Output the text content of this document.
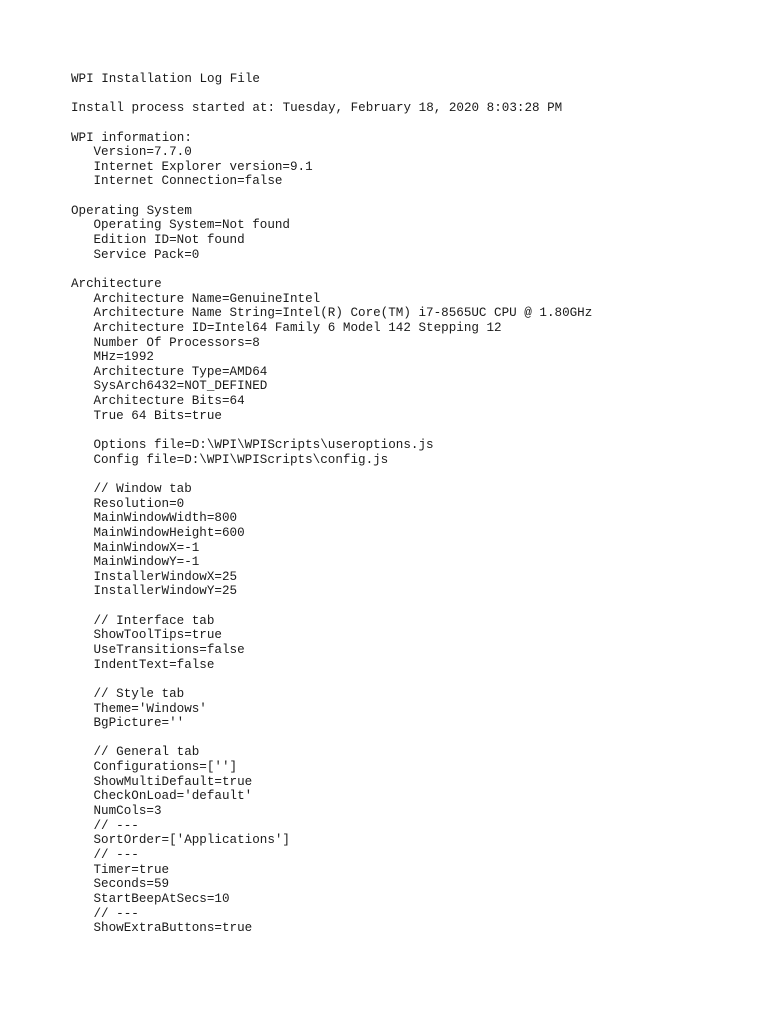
WPI Installation Log File
Install process started at: Tuesday, February 18, 2020 8:03:28 PM
WPI information:
Version=7.7.0
Internet Explorer version=9.1
Internet Connection=false
Operating System
Operating System=Not found
Edition ID=Not found
Service Pack=0
Architecture
Architecture Name=GenuineIntel
Architecture Name String=Intel(R) Core(TM) i7-8565UC CPU @ 1.80GHz
Architecture ID=Intel64 Family 6 Model 142 Stepping 12
Number Of Processors=8
MHz=1992
Architecture Type=AMD64
SysArch6432=NOT_DEFINED
Architecture Bits=64
True 64 Bits=true
Options file=D:\WPI\WPIScripts\useroptions.js
Config file=D:\WPI\WPIScripts\config.js
// Window tab
Resolution=0
MainWindowWidth=800
MainWindowHeight=600
MainWindowX=-1
MainWindowY=-1
InstallerWindowX=25
InstallerWindowY=25
// Interface tab
ShowToolTips=true
UseTransitions=false
IndentText=false
// Style tab
Theme='Windows'
BgPicture=''
// General tab
Configurations=['']
ShowMultiDefault=true
CheckOnLoad='default'
NumCols=3
// ---
SortOrder=['Applications']
// ---
Timer=true
Seconds=59
StartBeepAtSecs=10
// ---
ShowExtraButtons=true
